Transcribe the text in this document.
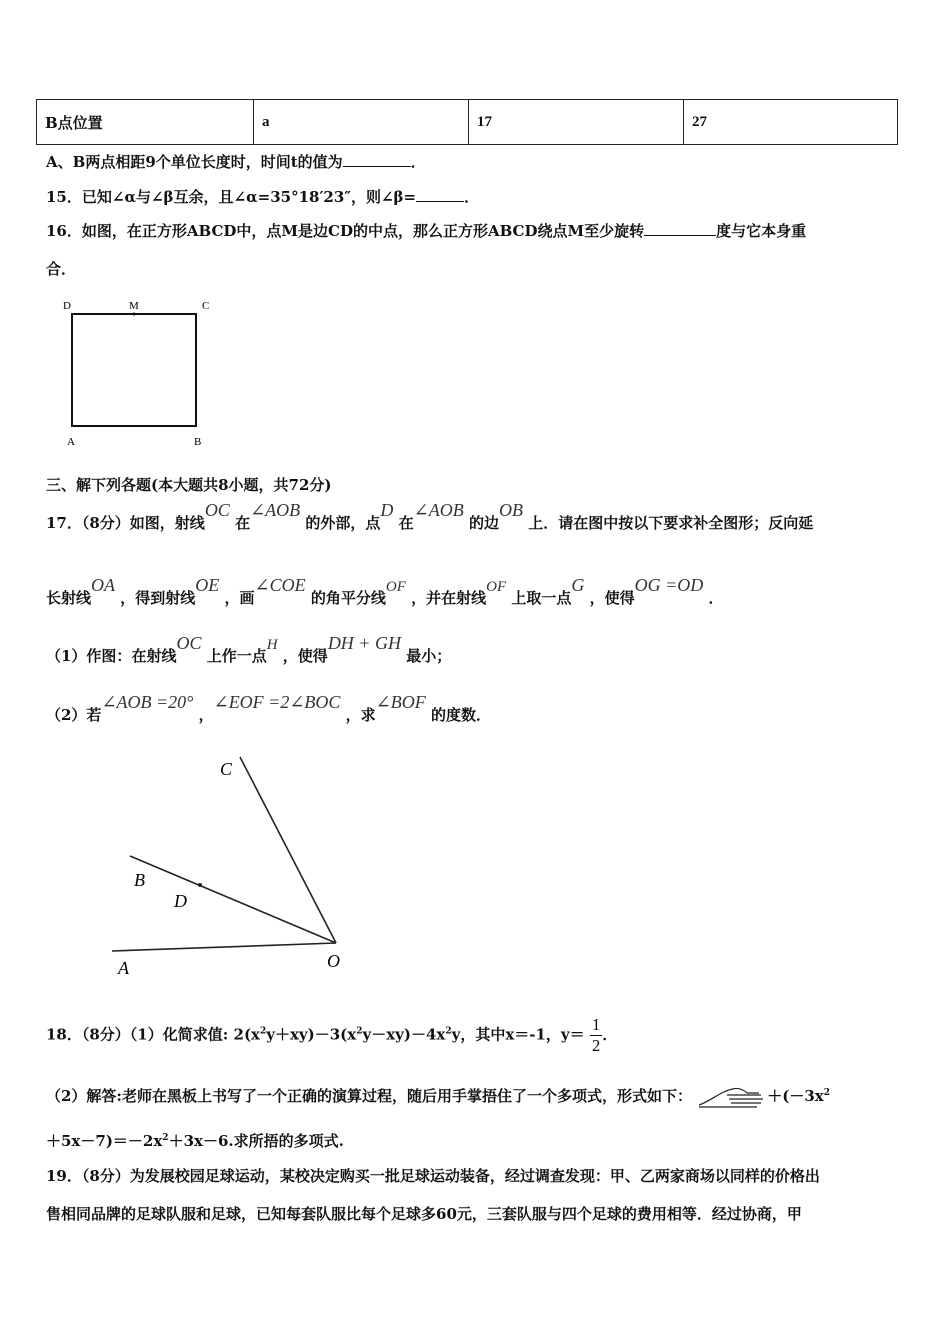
B点位置	a	17	27
A、B两点相距9个单位长度时，时间t的值为	．
15．已知∠α与∠β互余，且∠α=35°18′23″，则∠β=	．
16．如图，在正方形ABCD中，点M是边CD的中点，那么正方形ABCD绕点M至少旋转	度与它本身重
合．
D	M	C
A	B
三、解下列各题(本大题共8小题，共72分)
17．（8分）如图，射线OC 在∠AOB 的外部，点D 在∠AOB 的边OB 上．请在图中按以下要求补全图形；反向延
长射线OA ，得到射线OE ，画∠COE 的角平分线OF ，并在射线OF 上取一点G ，使得OG =OD ．
（1）作图：在射线OC 上作一点H ，使得DH + GH 最小；
（2）若∠AOB =20° ，∠EOF =2∠BOC ，求∠BOF 的度数．
C
B
D
A	O
18．（8分）（1）化简求值: $2(x^2y+xy)-3(x^2y-xy)-4x^2y$，其中x＝-1，$y= \frac{1}{2}$ ．
（2）解答:老师在黑板上书写了一个正确的演算过程，随后用手掌捂住了一个多项式，形式如下：	$+(-3x^2$
$+5x-7)=-2x^2+3x-6$.求所捂的多项式.
19．（8分）为发展校园足球运动，某校决定购买一批足球运动装备，经过调查发现：甲、乙两家商场以同样的价格出
售相同品牌的足球队服和足球，已知每套队服比每个足球多60元，三套队服与四个足球的费用相等．经过协商，甲
